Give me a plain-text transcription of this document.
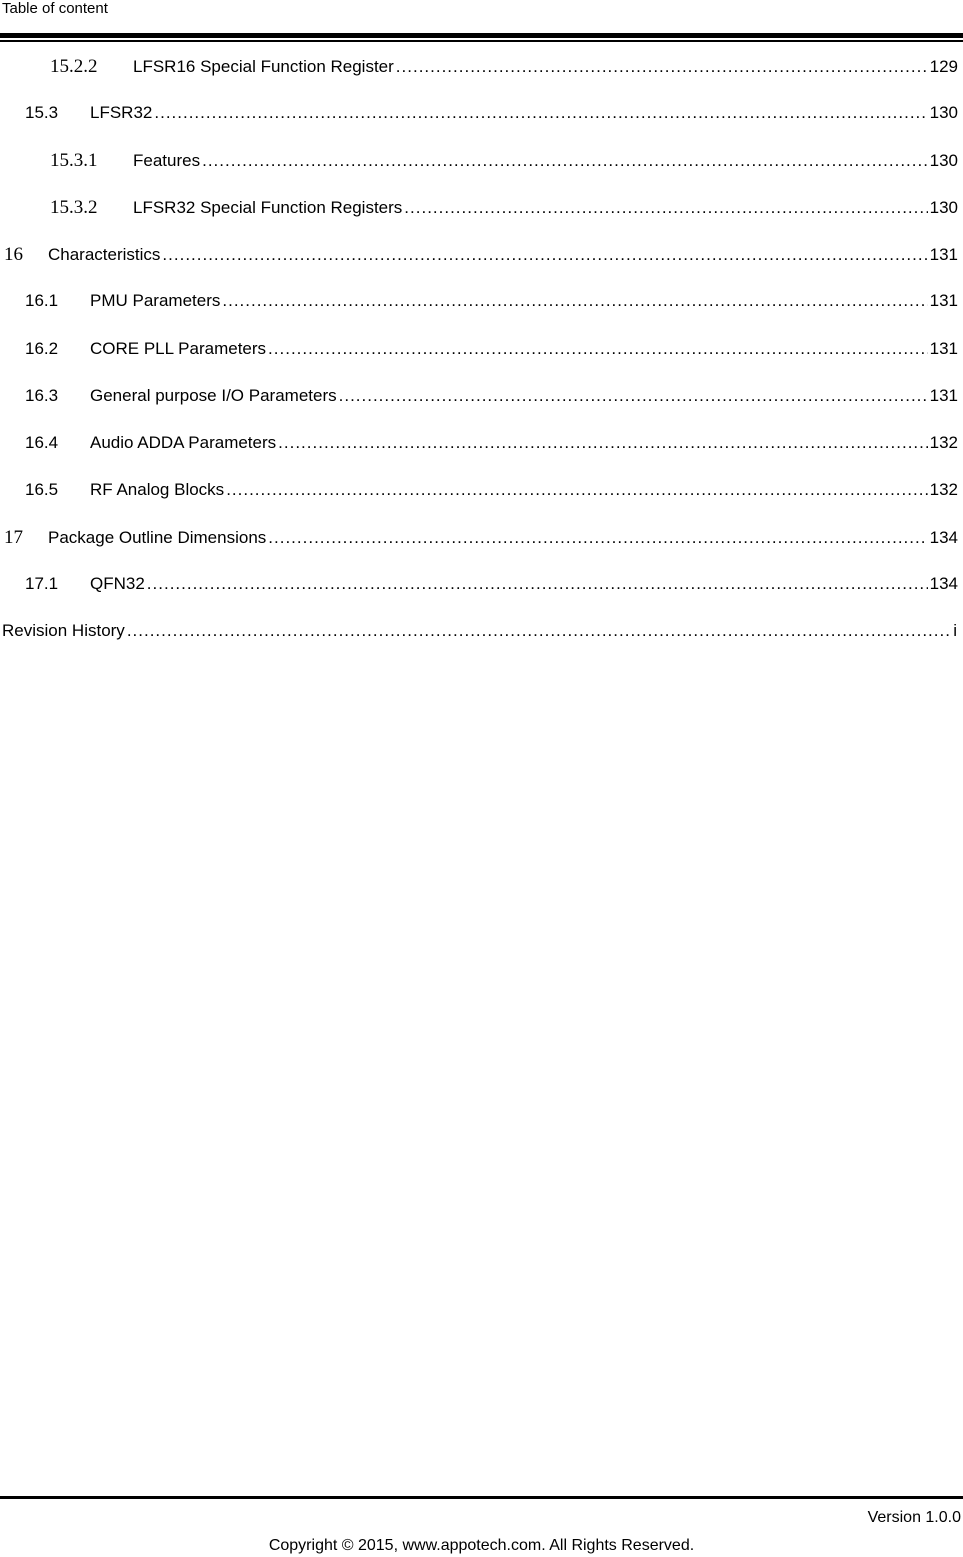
Table of content
15.2.2	LFSR16 Special Function Register .....	129
15.3	LFSR32 .....	130
15.3.1	Features .....	130
15.3.2	LFSR32 Special Function Registers .....	130
16	Characteristics .....	131
16.1	PMU Parameters .....	131
16.2	CORE PLL Parameters .....	131
16.3	General purpose I/O Parameters .....	131
16.4	Audio ADDA Parameters .....	132
16.5	RF Analog Blocks .....	132
17	Package Outline Dimensions .....	134
17.1	QFN32 .....	134
Revision History .....	i
Version 1.0.0
Copyright © 2015, www.appotech.com. All Rights Reserved.
